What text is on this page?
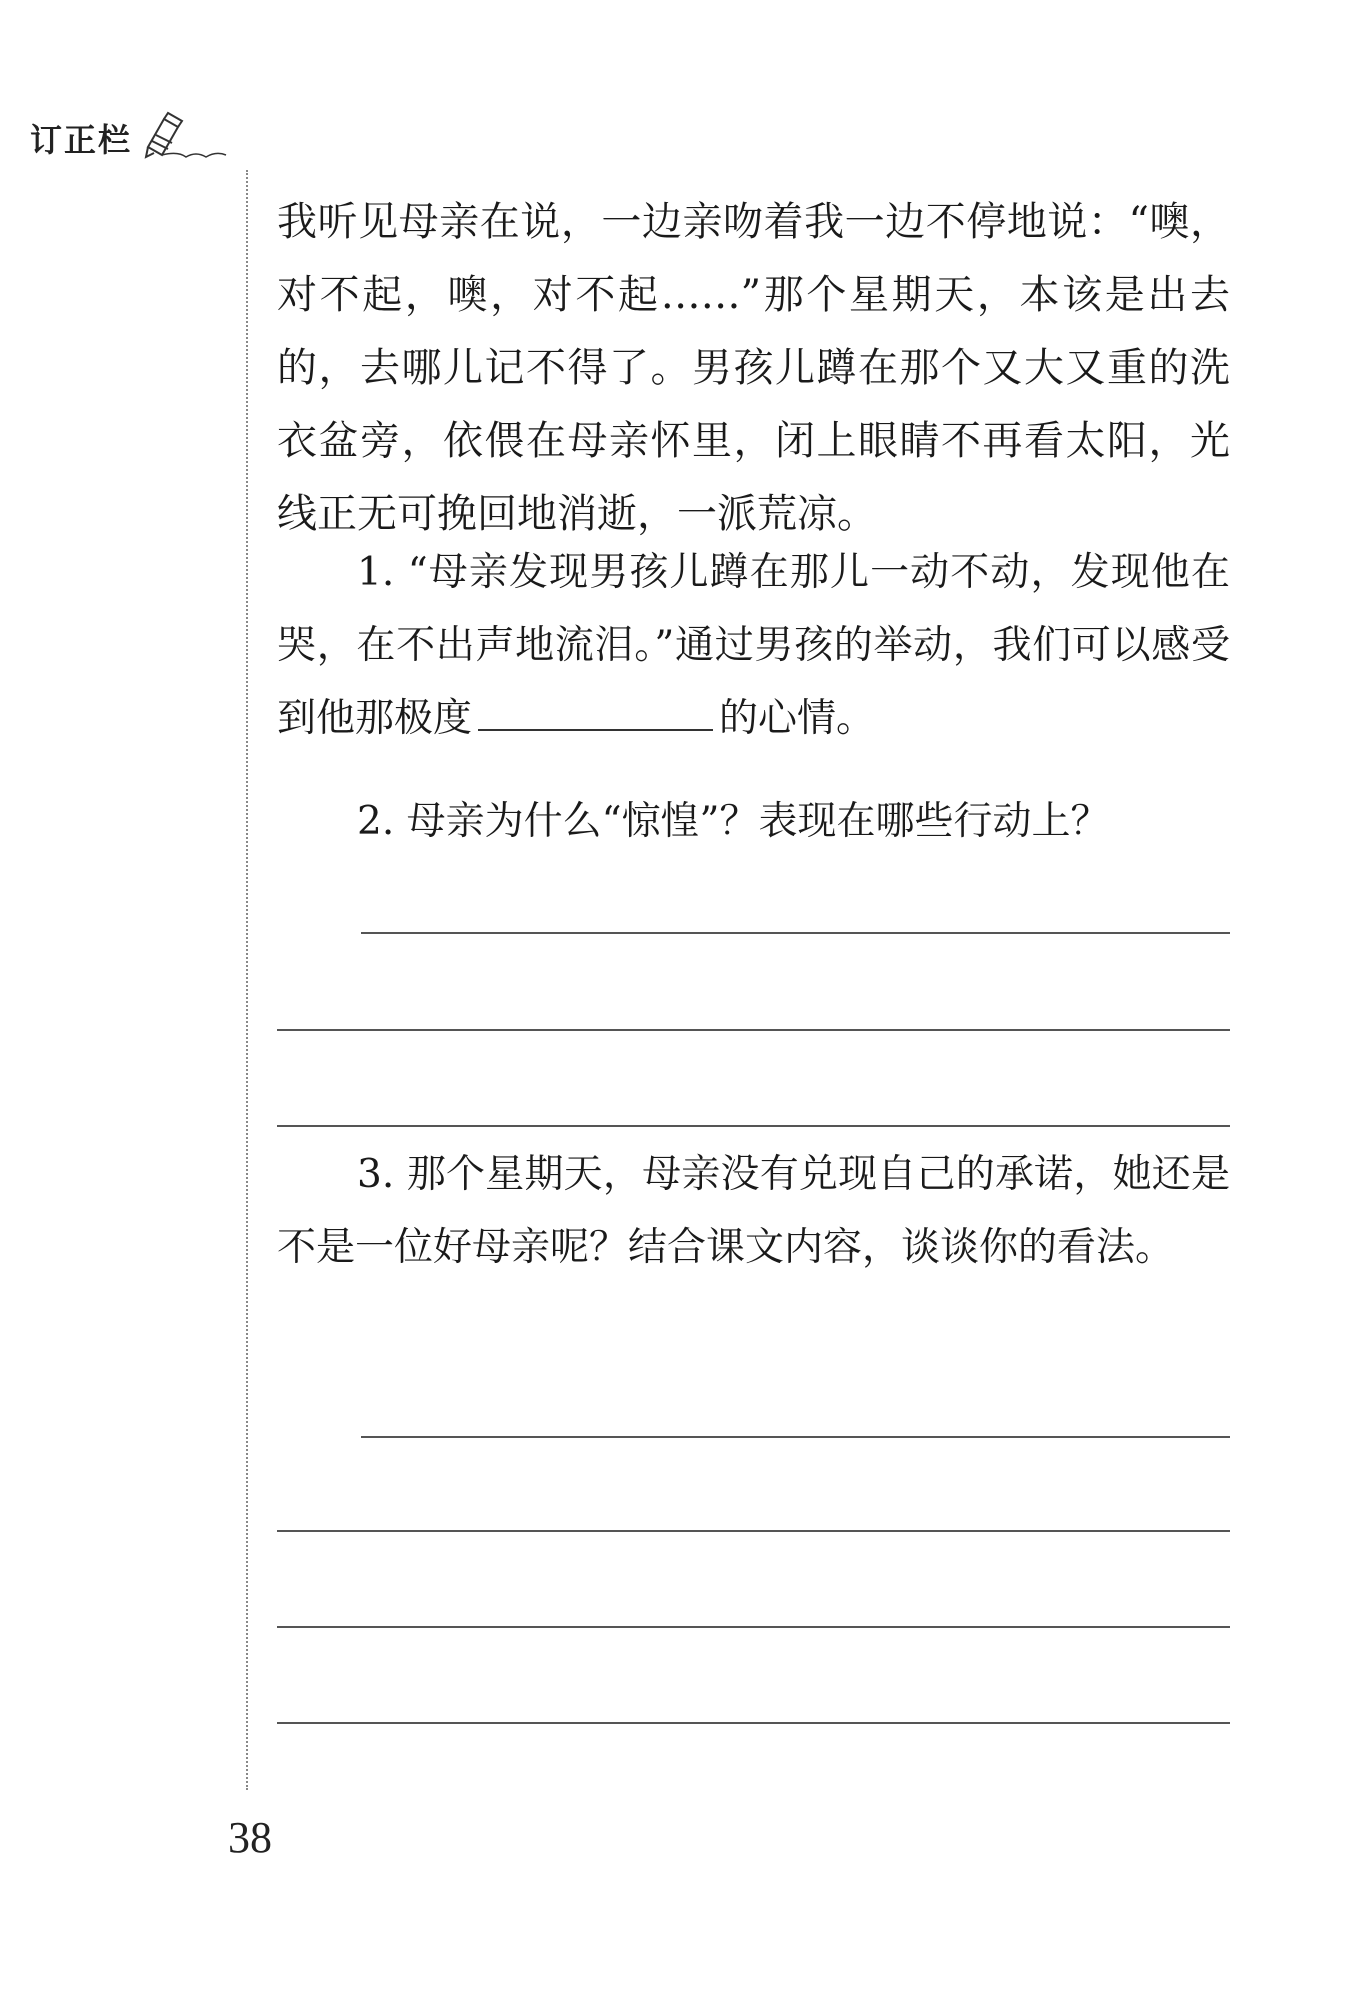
订正栏

我听见母亲在说，一边亲吻着我一边不停地说：“噢，对不起，噢，对不起……”那个星期天，本该是出去的，去哪儿记不得了。男孩儿蹲在那个又大又重的洗衣盆旁，依偎在母亲怀里，闭上眼睛不再看太阳，光线正无可挽回地消逝，一派荒凉。

1. “母亲发现男孩儿蹲在那儿一动不动，发现他在哭，在不出声地流泪。”通过男孩的举动，我们可以感受到他那极度	的心情。

2. 母亲为什么“惊惶”？表现在哪些行动上？

3. 那个星期天，母亲没有兑现自己的承诺，她还是不是一位好母亲呢？结合课文内容，谈谈你的看法。

38
